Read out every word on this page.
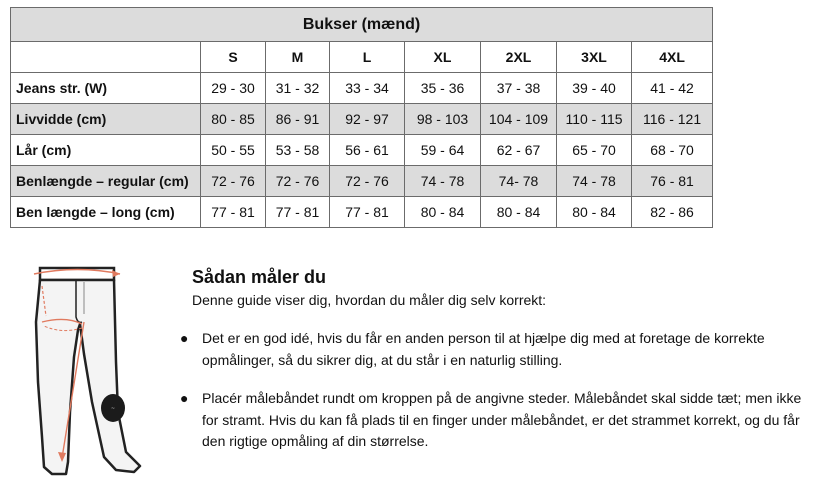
Bukser (mænd)							
	S	M	L	XL	2XL	3XL	4XL
Jeans str. (W)	29 - 30	31 - 32	33 - 34	35 - 36	37 - 38	39 - 40	41 - 42
Livvidde (cm)	80 - 85	86 - 91	92 - 97	98 - 103	104 - 109	110 - 115	116 - 121
Lår (cm)	50 - 55	53 - 58	56 - 61	59 - 64	62 - 67	65 - 70	68 - 70
Benlængde – regular (cm)	72 - 76	72 - 76	72 - 76	74 - 78	74- 78	74 - 78	76 - 81
Ben længde – long (cm)	77 - 81	77 - 81	77 - 81	80 - 84	80 - 84	80 - 84	82 - 86
~

Sådan måler du

Denne guide viser dig, hvordan du måler dig selv korrekt:

● Det er en god idé, hvis du får en anden person til at hjælpe dig med at foretage de korrekte opmålinger, så du sikrer dig, at du står i en naturlig stilling.
● Placér målebåndet rundt om kroppen på de angivne steder. Målebåndet skal sidde tæt; men ikke for stramt. Hvis du kan få plads til en finger under målebåndet, er det strammet korrekt, og du får den rigtige opmåling af din størrelse.
